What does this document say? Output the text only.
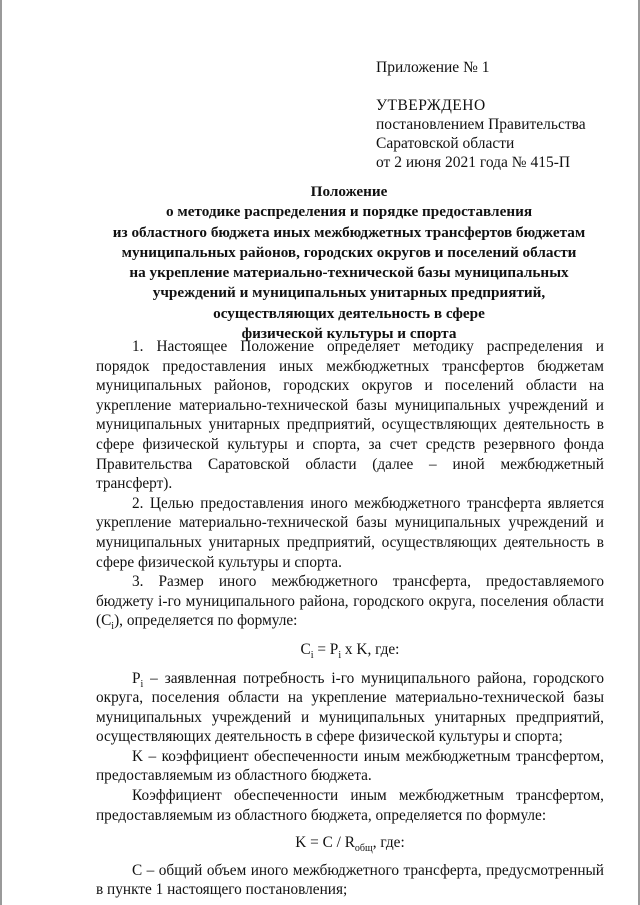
Приложение № 1
УТВЕРЖДЕНО
постановлением Правительства
Саратовской области
от 2 июня 2021 года № 415-П
Положение
о методике распределения и порядке предоставления
из областного бюджета иных межбюджетных трансфертов бюджетам
муниципальных районов, городских округов и поселений области
на укрепление материально-технической базы муниципальных
учреждений и муниципальных унитарных предприятий,
осуществляющих деятельность в сфере
физической культуры и спорта

1. Настоящее Положение определяет методику распределения и порядок предоставления иных межбюджетных трансфертов бюджетам муниципальных районов, городских округов и поселений области на укрепление материально-технической базы муниципальных учреждений и муниципальных унитарных предприятий, осуществляющих деятельность в сфере физической культуры и спорта, за счет средств резервного фонда Правительства Саратовской области (далее – иной межбюджетный трансферт).

2. Целью предоставления иного межбюджетного трансферта является укрепление материально-технической базы муниципальных учреждений и муниципальных унитарных предприятий, осуществляющих деятельность в сфере физической культуры и спорта.

3. Размер иного межбюджетного трансферта, предоставляемого бюджету i-го муниципального района, городского округа, поселения области $(C_i)$, определяется по формуле:

$C_i = P_i$ x K, где:

$P_i$ – заявленная потребность i-го муниципального района, городского округа, поселения области на укрепление материально-технической базы муниципальных учреждений и муниципальных унитарных предприятий, осуществляющих деятельность в сфере физической культуры и спорта;

K – коэффициент обеспеченности иным межбюджетным трансфертом, предоставляемым из областного бюджета.

Коэффициент обеспеченности иным межбюджетным трансфертом, предоставляемым из областного бюджета, определяется по формуле:

$K = C / R_{общ}$, где:

C – общий объем иного межбюджетного трансферта, предусмотренный в пункте 1 настоящего постановления;
